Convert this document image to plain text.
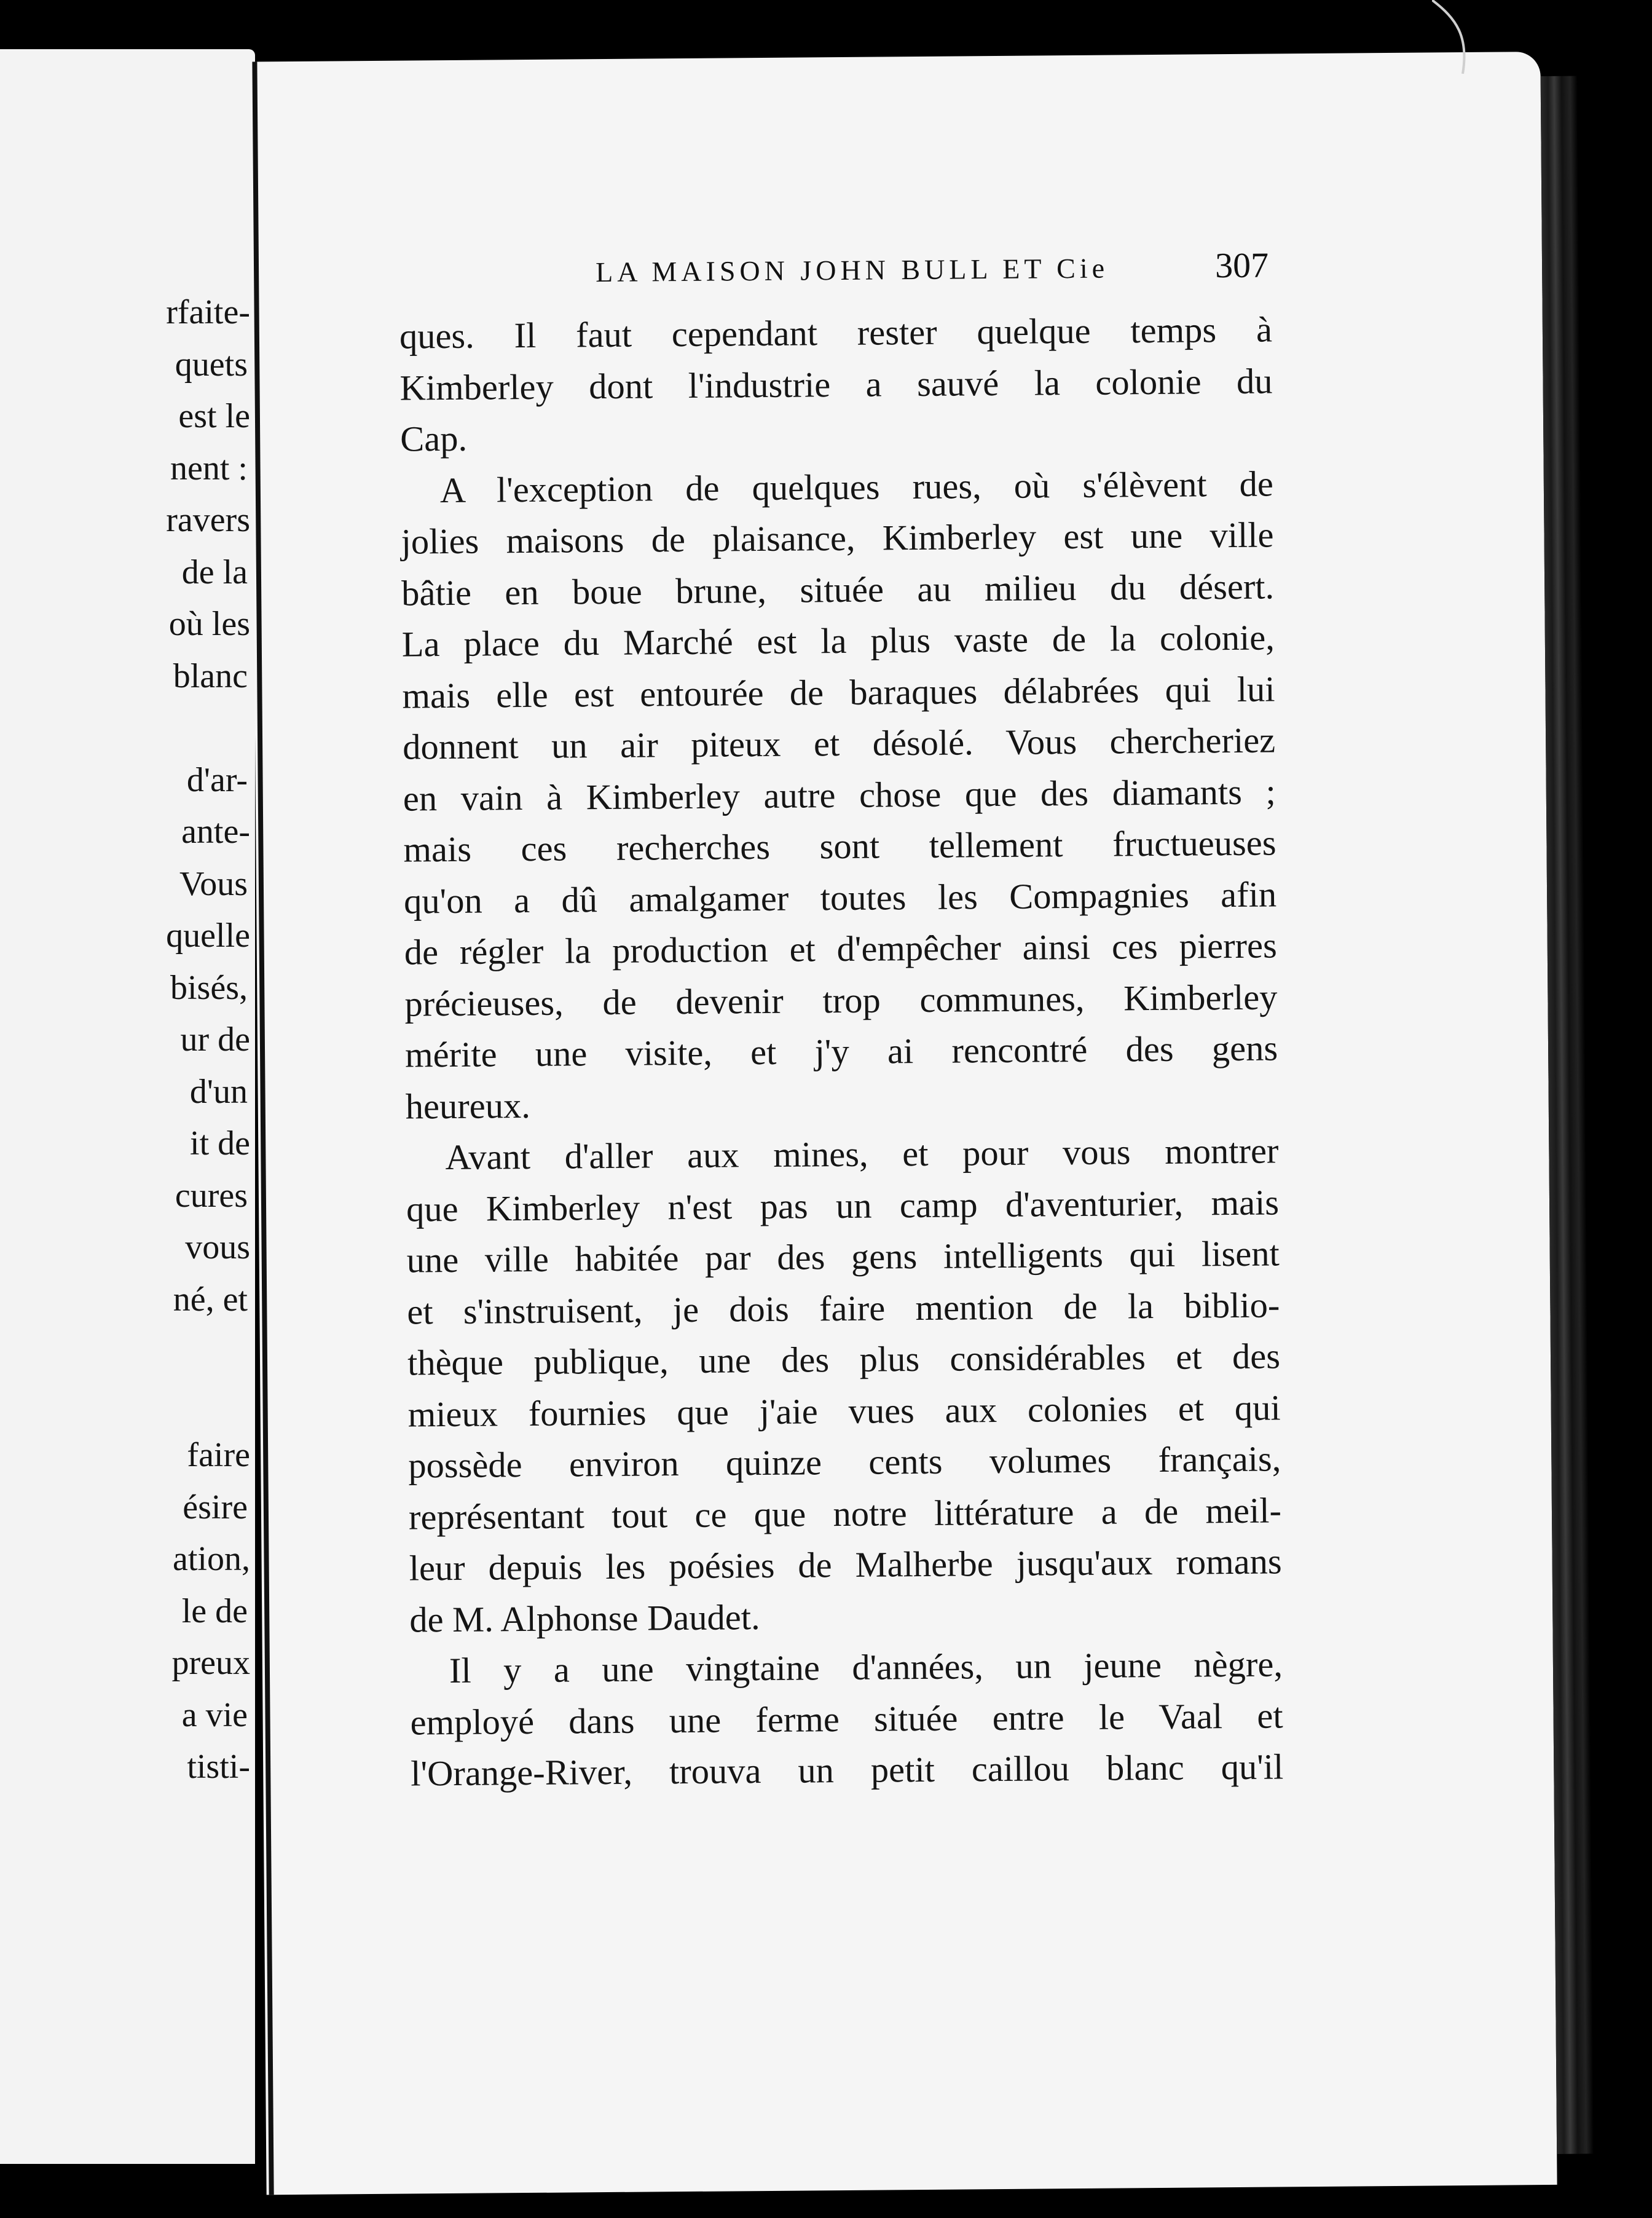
rfaite-
quets
est le
nent :
ravers
de la
où les
blanc
d'ar-
ante-
Vous
quelle
bisés,
ur de
d'un
it de
cures
vous
né, et
faire
ésire
ation,
le de
preux
a vie
tisti-
LA MAISON JOHN BULL ET Cie	307
ques. Il faut cependant rester quelque temps à
Kimberley dont l'industrie a sauvé la colonie du
Cap.
A l'exception de quelques rues, où s'élèvent de
jolies maisons de plaisance, Kimberley est une ville
bâtie en boue brune, située au milieu du désert.
La place du Marché est la plus vaste de la colonie,
mais elle est entourée de baraques délabrées qui lui
donnent un air piteux et désolé. Vous chercheriez
en vain à Kimberley autre chose que des diamants ;
mais ces recherches sont tellement fructueuses
qu'on a dû amalgamer toutes les Compagnies afin
de régler la production et d'empêcher ainsi ces pierres
précieuses, de devenir trop communes, Kimberley
mérite une visite, et j'y ai rencontré des gens
heureux.
Avant d'aller aux mines, et pour vous montrer
que Kimberley n'est pas un camp d'aventurier, mais
une ville habitée par des gens intelligents qui lisent
et s'instruisent, je dois faire mention de la biblio-
thèque publique, une des plus considérables et des
mieux fournies que j'aie vues aux colonies et qui
possède environ quinze cents volumes français,
représentant tout ce que notre littérature a de meil-
leur depuis les poésies de Malherbe jusqu'aux romans
de M. Alphonse Daudet.
Il y a une vingtaine d'années, un jeune nègre,
employé dans une ferme située entre le Vaal et
l'Orange-River, trouva un petit caillou blanc qu'il
